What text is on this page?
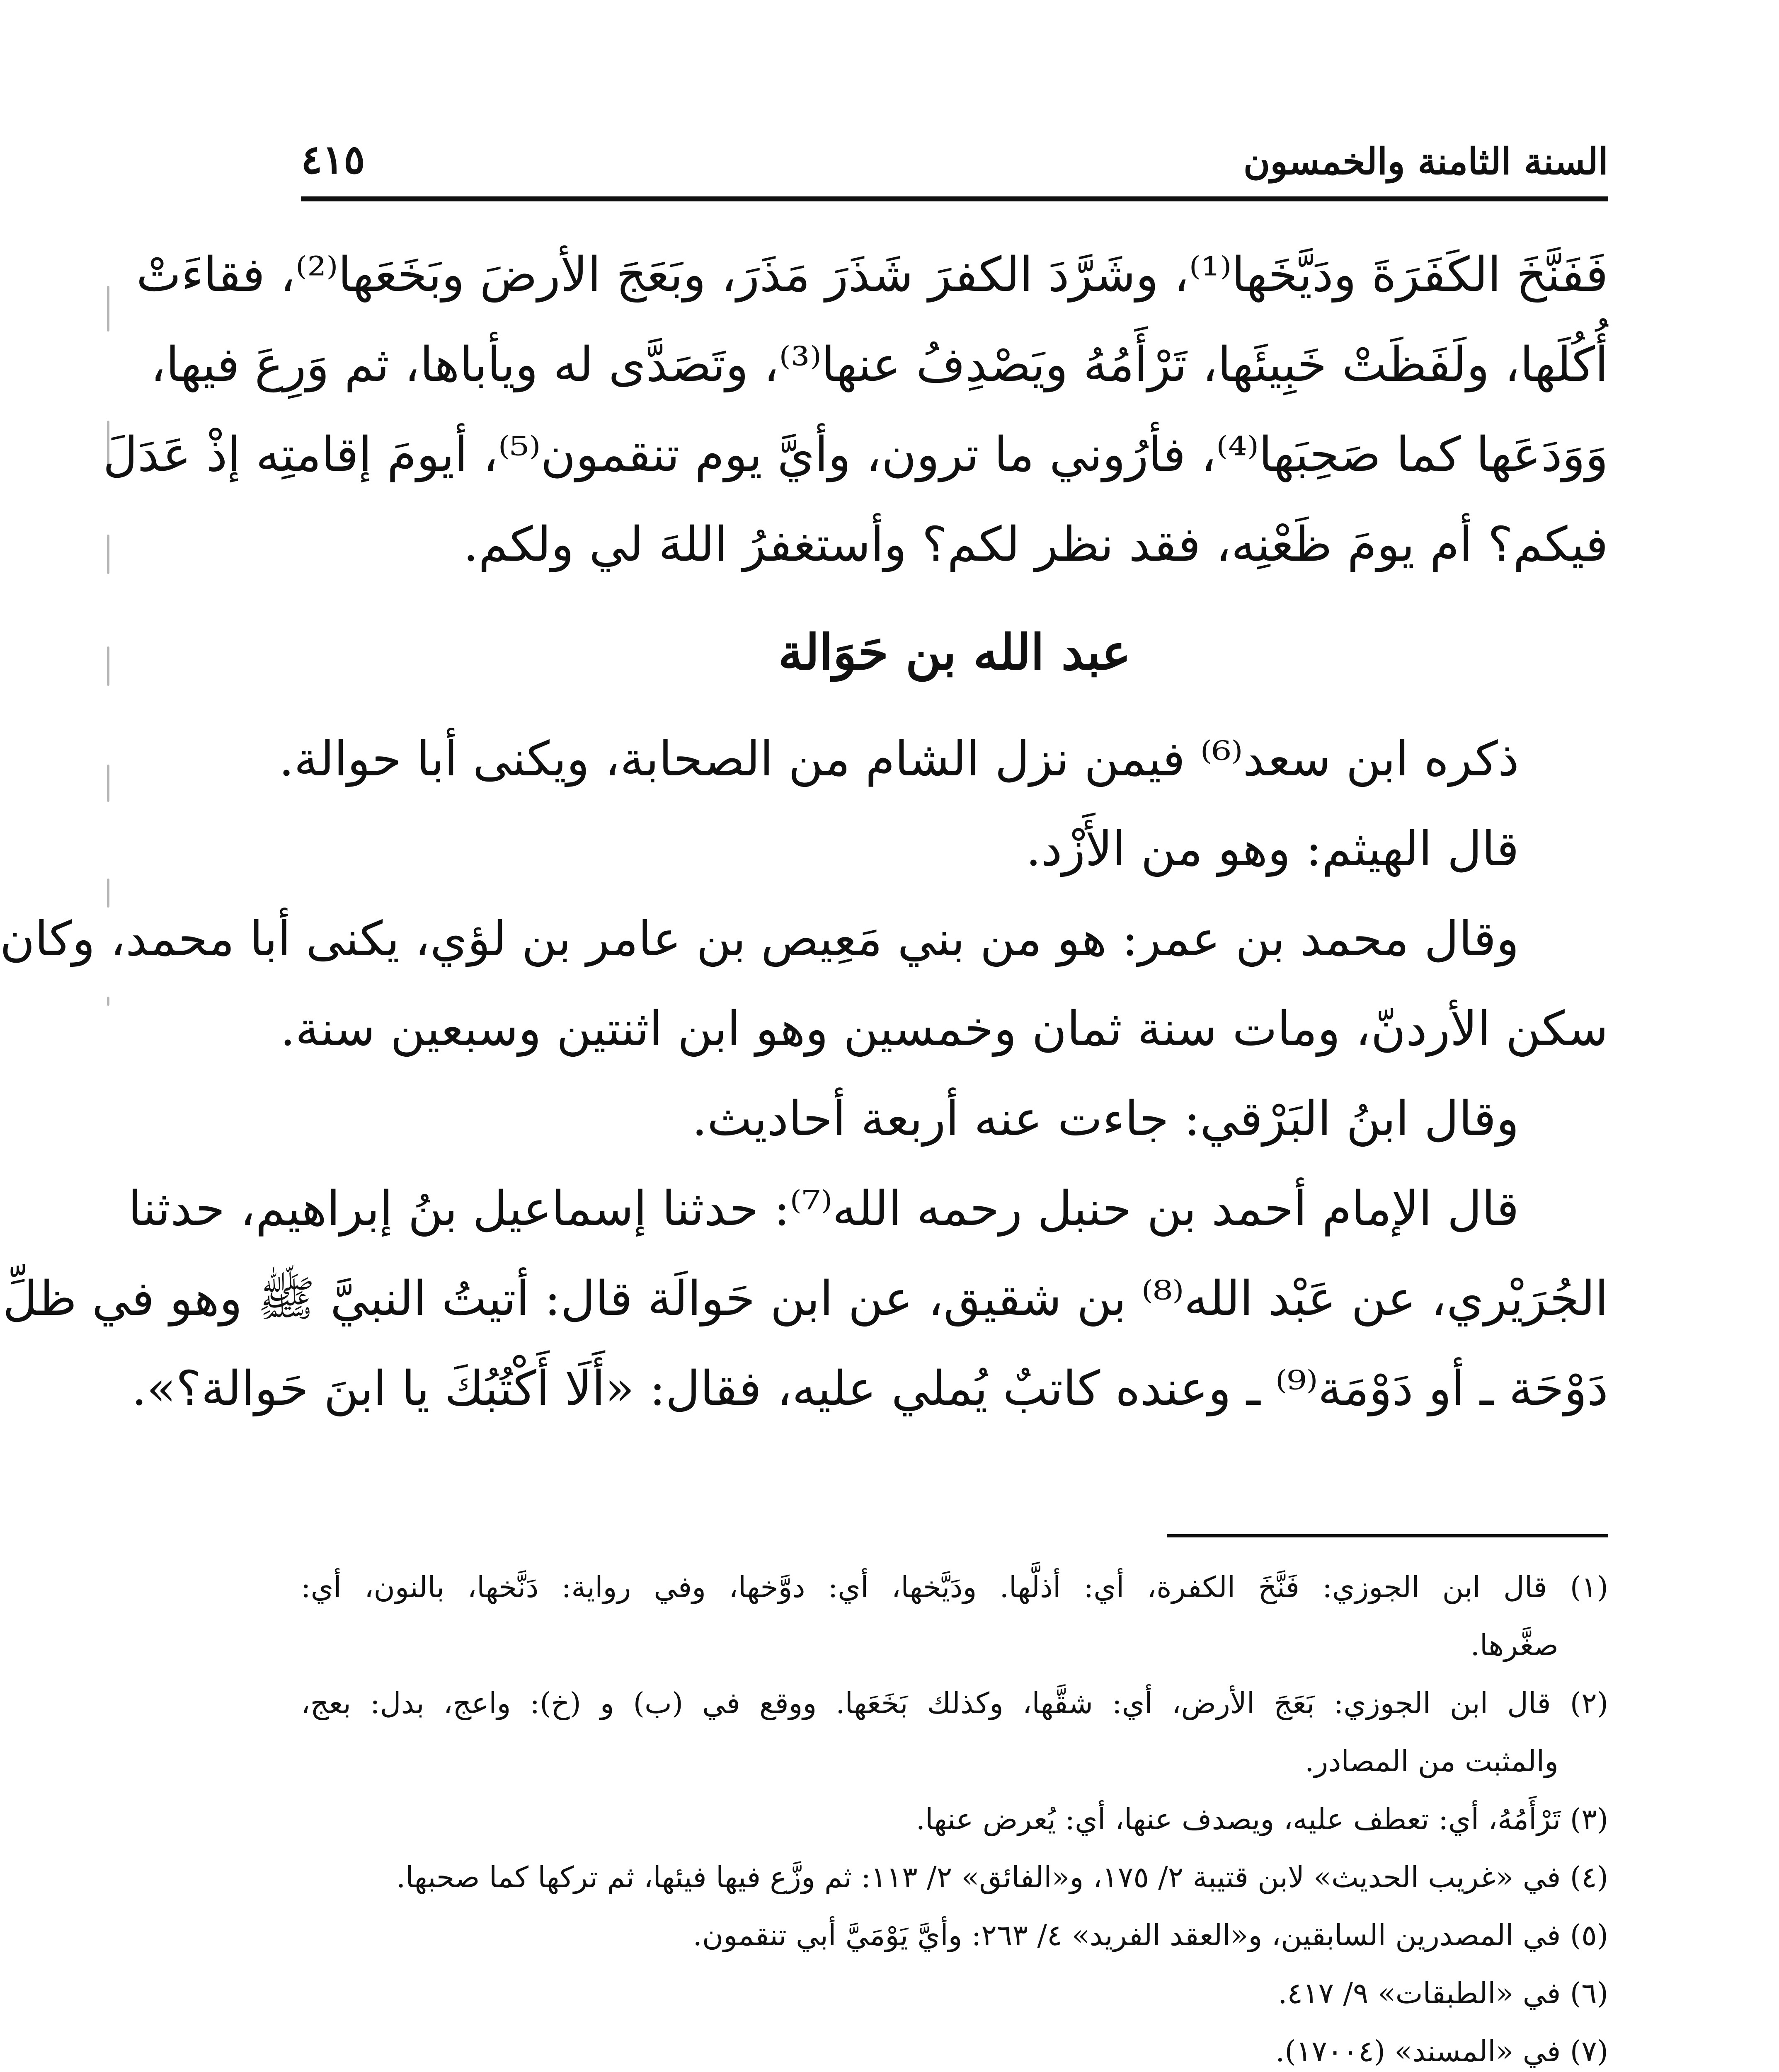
السنة الثامنة والخمسون
٤١٥
فَفَنَّخَ الكَفَرَةَ ودَيَّخَها⁽¹⁾، وشَرَّدَ الكفرَ شَذَرَ مَذَرَ، وبَعَجَ الأرضَ وبَخَعَها⁽²⁾، فقاءَتْ
أُكُلَها، ولَفَظَتْ خَبِيئَها، تَرْأَمُهُ ويَصْدِفُ عنها⁽³⁾، وتَصَدَّى له ويأباها، ثم وَرِعَ فيها،
وَوَدَعَها كما صَحِبَها⁽⁴⁾، فأرُوني ما ترون، وأيَّ يوم تنقمون⁽⁵⁾، أيومَ إقامتِه إذْ عَدَلَ
فيكم؟ أم يومَ ظَعْنِه، فقد نظر لكم؟ وأستغفرُ اللهَ لي ولكم.
عبد الله بن حَوَالة
ذكره ابن سعد⁽⁶⁾ فيمن نزل الشام من الصحابة، ويكنى أبا حوالة.
قال الهيثم: وهو من الأَزْد.
وقال محمد بن عمر: هو من بني مَعِيص بن عامر بن لؤي، يكنى أبا محمد، وكان
سكن الأردنّ، ومات سنة ثمان وخمسين وهو ابن اثنتين وسبعين سنة.
وقال ابنُ البَرْقي: جاءت عنه أربعة أحاديث.
قال الإمام أحمد بن حنبل رحمه الله⁽⁷⁾: حدثنا إسماعيل بنُ إبراهيم، حدثنا
الجُرَيْري، عن عَبْد الله⁽⁸⁾ بن شقيق، عن ابن حَوالَة قال: أتيتُ النبيَّ ﷺ وهو في ظلِّ
دَوْحَة ـ أو دَوْمَة⁽⁹⁾ ـ وعنده كاتبٌ يُملي عليه، فقال: «أَلَا أَكْتُبُكَ يا ابنَ حَوالة؟».
(١) قال ابن الجوزي: فَنَّخَ الكفرة، أي: أذلَّها. ودَيَّخها، أي: دوَّخها، وفي رواية: دَنَّخها، بالنون، أي:
صغَّرها.
(٢) قال ابن الجوزي: بَعَجَ الأرض، أي: شقَّها، وكذلك بَخَعَها. ووقع في (ب) و (خ): واعج، بدل: بعج،
والمثبت من المصادر.
(٣) تَرْأَمُهُ، أي: تعطف عليه، ويصدف عنها، أي: يُعرض عنها.
(٤) في «غريب الحديث» لابن قتيبة ٢/ ١٧٥، و«الفائق» ٢/ ١١٣: ثم وزَّع فيها فيئها، ثم تركها كما صحبها.
(٥) في المصدرين السابقين، و«العقد الفريد» ٤/ ٢٦٣: وأيَّ يَوْمَيَّ أبي تنقمون.
(٦) في «الطبقات» ٩/ ٤١٧.
(٧) في «المسند» (١٧٠٠٤).
